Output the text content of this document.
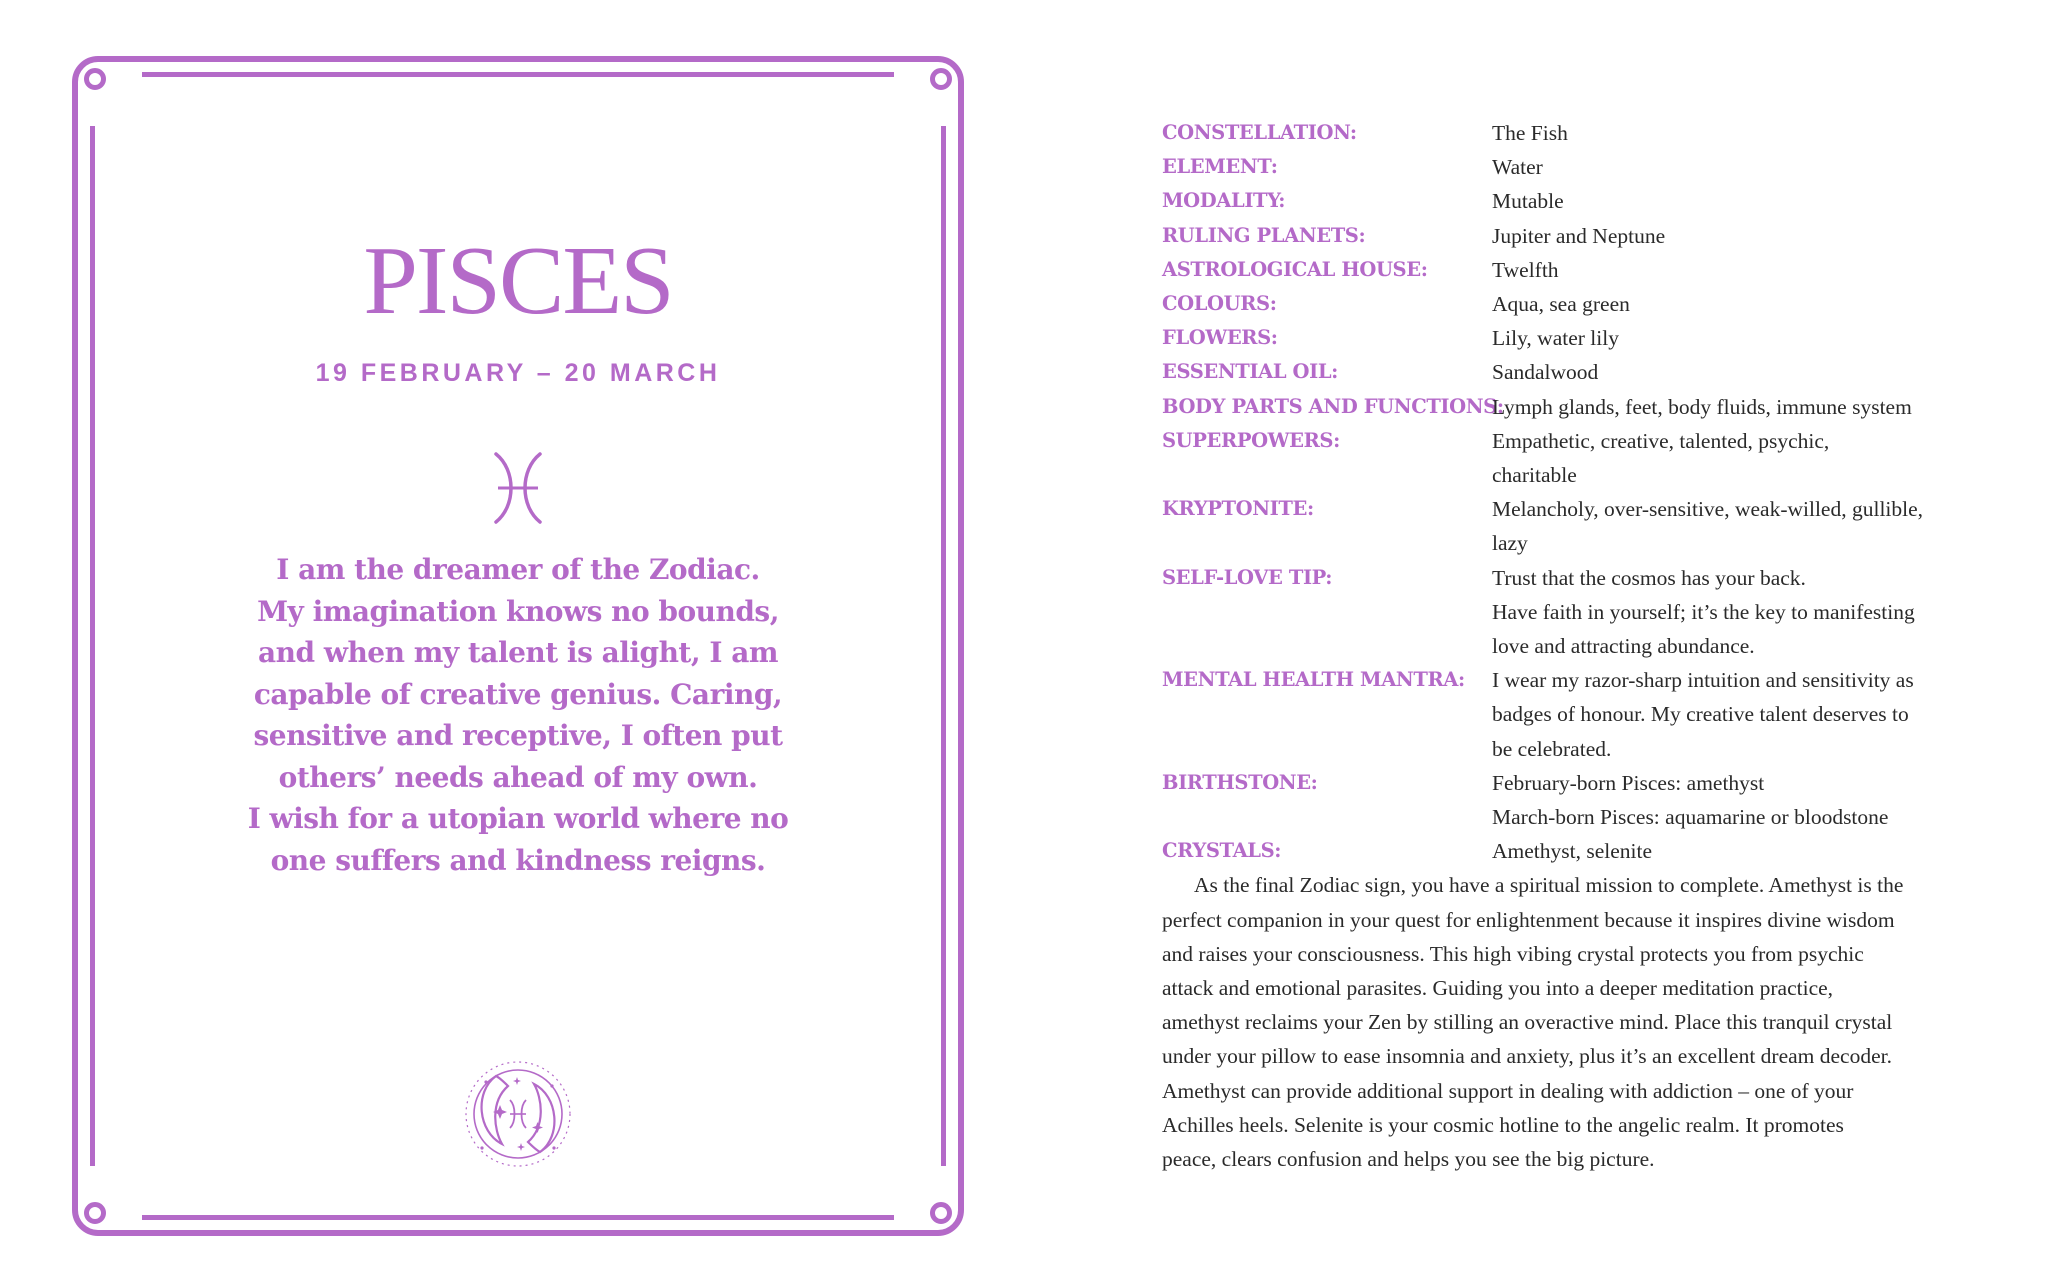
PISCES
19 FEBRUARY – 20 MARCH
I am the dreamer of the Zodiac.
My imagination knows no bounds,
and when my talent is alight, I am
capable of creative genius. Caring,
sensitive and receptive, I often put
others’ needs ahead of my own.
I wish for a utopian world where no
one suffers and kindness reigns.
CONSTELLATION:	The Fish
ELEMENT:	Water
MODALITY:	Mutable
RULING PLANETS:	Jupiter and Neptune
ASTROLOGICAL HOUSE:	Twelfth
COLOURS:	Aqua, sea green
FLOWERS:	Lily, water lily
ESSENTIAL OIL:	Sandalwood
BODY PARTS AND FUNCTIONS:
Lymph glands, feet, body fluids, immune system
SUPERPOWERS:	Empathetic, creative, talented, psychic,
charitable
KRYPTONITE:	Melancholy, over-sensitive, weak-willed, gullible,
lazy
SELF-LOVE TIP:	Trust that the cosmos has your back.
Have faith in yourself; it’s the key to manifesting
love and attracting abundance.
MENTAL HEALTH MANTRA:	I wear my razor-sharp intuition and sensitivity as
badges of honour. My creative talent deserves to
be celebrated.
BIRTHSTONE:	February-born Pisces: amethyst
March-born Pisces: aquamarine or bloodstone
CRYSTALS:	Amethyst, selenite

As the final Zodiac sign, you have a spiritual mission to complete. Amethyst is the
perfect companion in your quest for enlightenment because it inspires divine wisdom
and raises your consciousness. This high vibing crystal protects you from psychic
attack and emotional parasites. Guiding you into a deeper meditation practice,
amethyst reclaims your Zen by stilling an overactive mind. Place this tranquil crystal
under your pillow to ease insomnia and anxiety, plus it’s an excellent dream decoder.
Amethyst can provide additional support in dealing with addiction – one of your
Achilles heels. Selenite is your cosmic hotline to the angelic realm. It promotes
peace, clears confusion and helps you see the big picture.
